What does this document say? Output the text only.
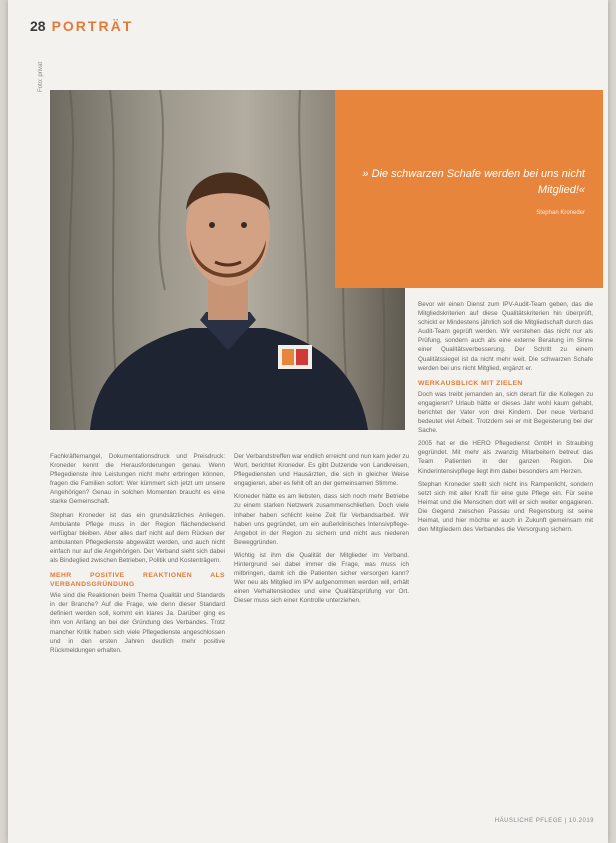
28 PORTRÄT
Foto: privat
» Die schwarzen Schafe werden bei uns nicht Mitglied!«
Stephan Kroneder

Fachkräftemangel, Dokumentationsdruck und Preisdruck: Kroneder kennt die Herausforderungen genau. Wenn Pflegedienste ihre Leistungen nicht mehr erbringen können, fragen die Familien sofort: Wer kümmert sich jetzt um unsere Angehörigen? Genau in solchen Momenten braucht es eine starke Gemeinschaft.

Stephan Kroneder ist das ein grundsätzliches Anliegen. Ambulante Pflege muss in der Region flächendeckend verfügbar bleiben. Aber alles darf nicht auf dem Rücken der ambulanten Pflegedienste abgewälzt werden, und auch nicht einfach nur auf die Angehörigen. Der Verband sieht sich dabei als Bindeglied zwischen Betrieben, Politik und Kostenträgern.

MEHR POSITIVE REAKTIONEN ALS VERBANDSGRÜNDUNG

Wie sind die Reaktionen beim Thema Qualität und Standards in der Branche? Auf die Frage, wie denn dieser Standard definiert werden soll, kommt ein klares Ja. Darüber ging es ihm von Anfang an bei der Gründung des Verbandes. Trotz mancher Kritik haben sich viele Pflegedienste angeschlossen und in den ersten Jahren deutlich mehr positive Rückmeldungen erhalten.

Der Verbandstreffen war endlich erreicht und nun kam jeder zu Wort, berichtet Kroneder. Es gibt Dutzende von Landkreisen, Pflegediensten und Hausärzten, die sich in gleicher Weise engagieren, aber es fehlt oft an der gemeinsamen Stimme.

Kroneder hätte es am liebsten, dass sich noch mehr Betriebe zu einem starken Netzwerk zusammenschließen. Doch viele Inhaber haben schlicht keine Zeit für Verbandsarbeit. Wir haben uns gegründet, um ein außerklinisches Intensivpflege-Angebot in der Region zu sichern und nicht aus niederen Beweggründen.

Wichtig ist ihm die Qualität der Mitglieder im Verband. Hintergrund sei dabei immer die Frage, was muss ich mitbringen, damit ich die Patienten sicher versorgen kann? Wer neu als Mitglied im IPV aufgenommen werden will, erhält einen Verhaltenskodex und eine Qualitätsprüfung vor Ort. Dieser muss sich einer Kontrolle unterziehen.

Bevor wir einen Dienst zum IPV-Audit-Team geben, das die Mitgliedskriterien auf diese Qualitätskriterien hin überprüft, schickt er Mindestens jährlich soll die Mitgliedschaft durch das Audit-Team geprüft werden. Wir verstehen das nicht nur als Prüfung, sondern auch als eine externe Beratung im Sinne einer Qualitätsverbesserung. Der Schritt zu einem Qualitätssiegel ist da nicht mehr weit. Die schwarzen Schafe werden bei uns nicht Mitglied, ergänzt er.

WERKAUSBLICK MIT ZIELEN

Doch was treibt jemanden an, sich derart für die Kollegen zu engagieren? Urlaub hätte er dieses Jahr wohl kaum gehabt, berichtet der Vater von drei Kindern. Der neue Verband bedeutet viel Arbeit. Trotzdem sei er mit Begeisterung bei der Sache.

2005 hat er die HERO Pflegedienst GmbH in Straubing gegründet. Mit mehr als zwanzig Mitarbeitern betreut das Team Patienten in der ganzen Region. Die Kinderintensivpflege liegt ihm dabei besonders am Herzen.

Stephan Kroneder stellt sich nicht ins Rampenlicht, sondern setzt sich mit aller Kraft für eine gute Pflege ein. Für seine Heimat und die Menschen dort will er sich weiter engagieren. Die Gegend zwischen Passau und Regensburg ist seine Heimat, und hier möchte er auch in Zukunft gemeinsam mit den Mitgliedern des Verbandes die Versorgung sichern.

HÄUSLICHE PFLEGE | 10.2019
